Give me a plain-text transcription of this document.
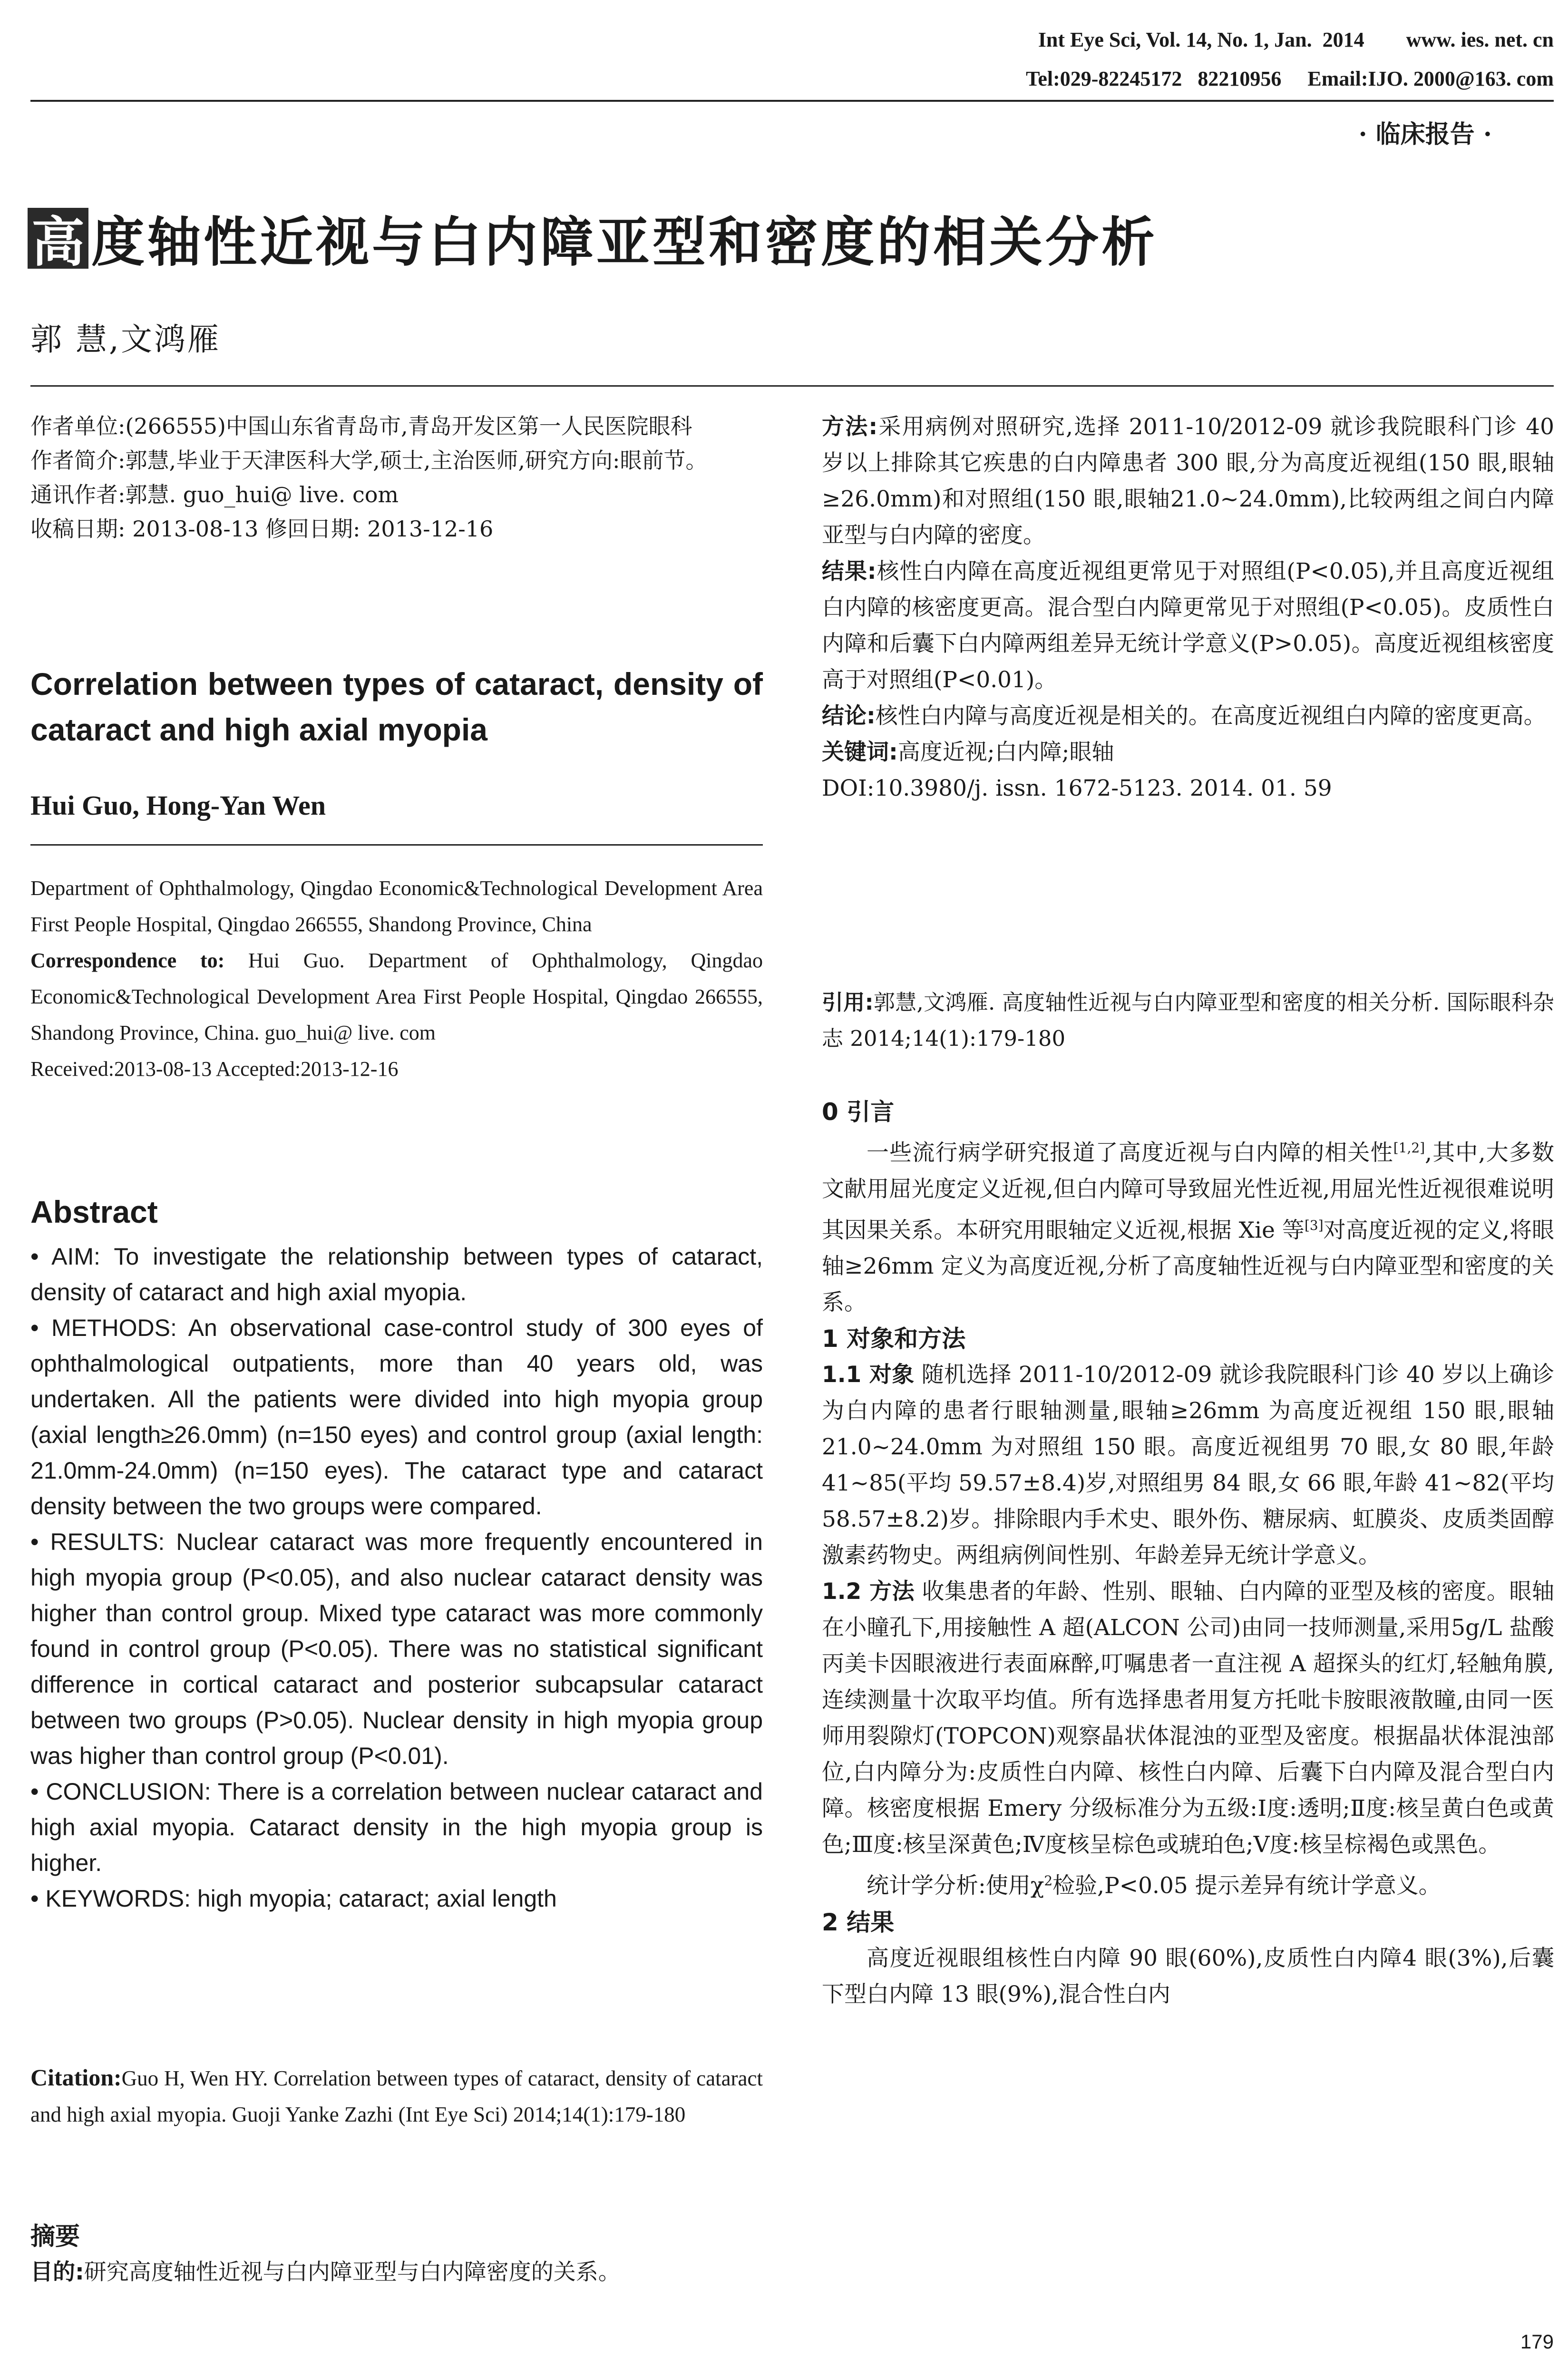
Int Eye Sci, Vol. 14, No. 1, Jan.  2014        www. ies. net. cn
Tel:029-82245172   82210956     Email:IJO. 2000@163. com
· 临床报告 ·
高 度轴性近视与白内障亚型和密度的相关分析
郭 慧,文鸿雁

作者单位:(266555)中国山东省青岛市,青岛开发区第一人民医院眼科

作者简介:郭慧,毕业于天津医科大学,硕士,主治医师,研究方向:眼前节。

通讯作者:郭慧. guo_hui@ live. com

收稿日期: 2013-08-13 修回日期: 2013-12-16

Correlation between types of cataract, density of cataract and high axial myopia
Hui Guo, Hong-Yan Wen
Department of Ophthalmology, Qingdao Economic&Technological Development Area First People Hospital, Qingdao 266555, Shandong Province, China
Correspondence to: Hui Guo. Department of Ophthalmology, Qingdao Economic&Technological Development Area First People Hospital, Qingdao 266555, Shandong Province, China. guo_hui@ live. com
Received:2013-08-13 Accepted:2013-12-16
Abstract

• AIM: To investigate the relationship between types of cataract, density of cataract and high axial myopia.

• METHODS: An observational case-control study of 300 eyes of ophthalmological outpatients, more than 40 years old, was undertaken. All the patients were divided into high myopia group (axial length≥26.0mm) (n=150 eyes) and control group (axial length: 21.0mm-24.0mm) (n=150 eyes). The cataract type and cataract density between the two groups were compared.

• RESULTS: Nuclear cataract was more frequently encountered in high myopia group (P<0.05), and also nuclear cataract density was higher than control group. Mixed type cataract was more commonly found in control group (P<0.05). There was no statistical significant difference in cortical cataract and posterior subcapsular cataract between two groups (P>0.05). Nuclear density in high myopia group was higher than control group (P<0.01).

• CONCLUSION: There is a correlation between nuclear cataract and high axial myopia. Cataract density in the high myopia group is higher.

• KEYWORDS: high myopia; cataract; axial length

Citation:Guo H, Wen HY. Correlation between types of cataract, density of cataract and high axial myopia. Guoji Yanke Zazhi (Int Eye Sci) 2014;14(1):179-180
摘要

目的:研究高度轴性近视与白内障亚型与白内障密度的关系。

方法:采用病例对照研究,选择 2011-10/2012-09 就诊我院眼科门诊 40 岁以上排除其它疾患的白内障患者 300 眼,分为高度近视组(150 眼,眼轴≥26.0mm)和对照组(150 眼,眼轴21.0~24.0mm),比较两组之间白内障亚型与白内障的密度。

结果:核性白内障在高度近视组更常见于对照组(P<0.05),并且高度近视组白内障的核密度更高。混合型白内障更常见于对照组(P<0.05)。皮质性白内障和后囊下白内障两组差异无统计学意义(P>0.05)。高度近视组核密度高于对照组(P<0.01)。

结论:核性白内障与高度近视是相关的。在高度近视组白内障的密度更高。

关键词:高度近视;白内障;眼轴

DOI:10.3980/j. issn. 1672-5123. 2014. 01. 59

引用:郭慧,文鸿雁. 高度轴性近视与白内障亚型和密度的相关分析. 国际眼科杂志 2014;14(1):179-180

0 引言

一些流行病学研究报道了高度近视与白内障的相关性[1,2],其中,大多数文献用屈光度定义近视,但白内障可导致屈光性近视,用屈光性近视很难说明其因果关系。本研究用眼轴定义近视,根据 Xie 等[3]对高度近视的定义,将眼轴≥26mm 定义为高度近视,分析了高度轴性近视与白内障亚型和密度的关系。

1 对象和方法

1.1 对象 随机选择 2011-10/2012-09 就诊我院眼科门诊 40 岁以上确诊为白内障的患者行眼轴测量,眼轴≥26mm 为高度近视组 150 眼,眼轴 21.0~24.0mm 为对照组 150 眼。高度近视组男 70 眼,女 80 眼,年龄 41~85(平均 59.57±8.4)岁,对照组男 84 眼,女 66 眼,年龄 41~82(平均 58.57±8.2)岁。排除眼内手术史、眼外伤、糖尿病、虹膜炎、皮质类固醇激素药物史。两组病例间性别、年龄差异无统计学意义。

1.2 方法 收集患者的年龄、性别、眼轴、白内障的亚型及核的密度。眼轴在小瞳孔下,用接触性 A 超(ALCON 公司)由同一技师测量,采用5g/L 盐酸丙美卡因眼液进行表面麻醉,叮嘱患者一直注视 A 超探头的红灯,轻触角膜,连续测量十次取平均值。所有选择患者用复方托吡卡胺眼液散瞳,由同一医师用裂隙灯(TOPCON)观察晶状体混浊的亚型及密度。根据晶状体混浊部位,白内障分为:皮质性白内障、核性白内障、后囊下白内障及混合型白内障。核密度根据 Emery 分级标准分为五级:Ⅰ度:透明;Ⅱ度:核呈黄白色或黄色;Ⅲ度:核呈深黄色;Ⅳ度核呈棕色或琥珀色;Ⅴ度:核呈棕褐色或黑色。

统计学分析:使用$\chi^2$检验,P<0.05 提示差异有统计学意义。

2 结果

高度近视眼组核性白内障 90 眼(60%),皮质性白内障4 眼(3%),后囊下型白内障 13 眼(9%),混合性白内

179
